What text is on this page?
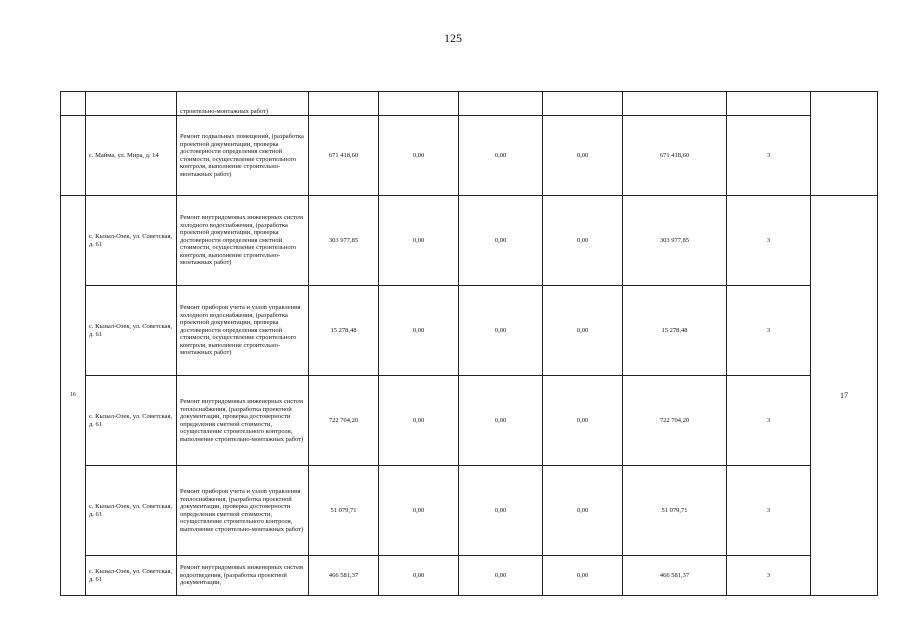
125
		строительно-монтажных работ)							
	с. Майма, ул. Мира, д. 14	Ремонт подвальных помещений, (разработка проектной документации, проверка достоверности определения сметной стоимости, осуществление строительного контроля, выполнение строительно-монтажных работ)	671 418,60	0,00	0,00	0,00	671 418,60	3	
16	с. Кызыл-Озек, ул. Советская, д. 61	Ремонт внутридомовых инженерных систем холодного водоснабжения, (разработка проектной документации, проверка достоверности определения сметной стоимости, осуществление строительного контроля, выполнение строительно-монтажных работ)	303 977,85	0,00	0,00	0,00	303 977,85	3	17
	с. Кызыл-Озек, ул. Советская, д. 61	Ремонт приборов учета и узлов управления холодного водоснабжения, (разработка проектной документации, проверка достоверности определения сметной стоимости, осуществление строительного контроля, выполнение строительно-монтажных работ)	15 278,48	0,00	0,00	0,00	15 278,48	3	
	с. Кызыл-Озек, ул. Советская, д. 61	Ремонт внутридомовых инженерных систем теплоснабжения, (разработка проектной документации, проверка достоверности определения сметной стоимости, осуществление строительного контроля, выполнение строительно-монтажных работ)	722 704,20	0,00	0,00	0,00	722 704,20	3	
	с. Кызыл-Озек, ул. Советская, д. 61	Ремонт приборов учета и узлов управления теплоснабжения, (разработка проектной документации, проверка достоверности определения сметной стоимости, осуществление строительного контроля, выполнение строительно-монтажных работ)	51 079,71	0,00	0,00	0,00	51 079,71	3	
	с. Кызыл-Озек, ул. Советская, д. 61	Ремонт внутридомовых инженерных систем водоотведения, (разработка проектной документации,	466 581,37	0,00	0,00	0,00	466 581,37	3	
